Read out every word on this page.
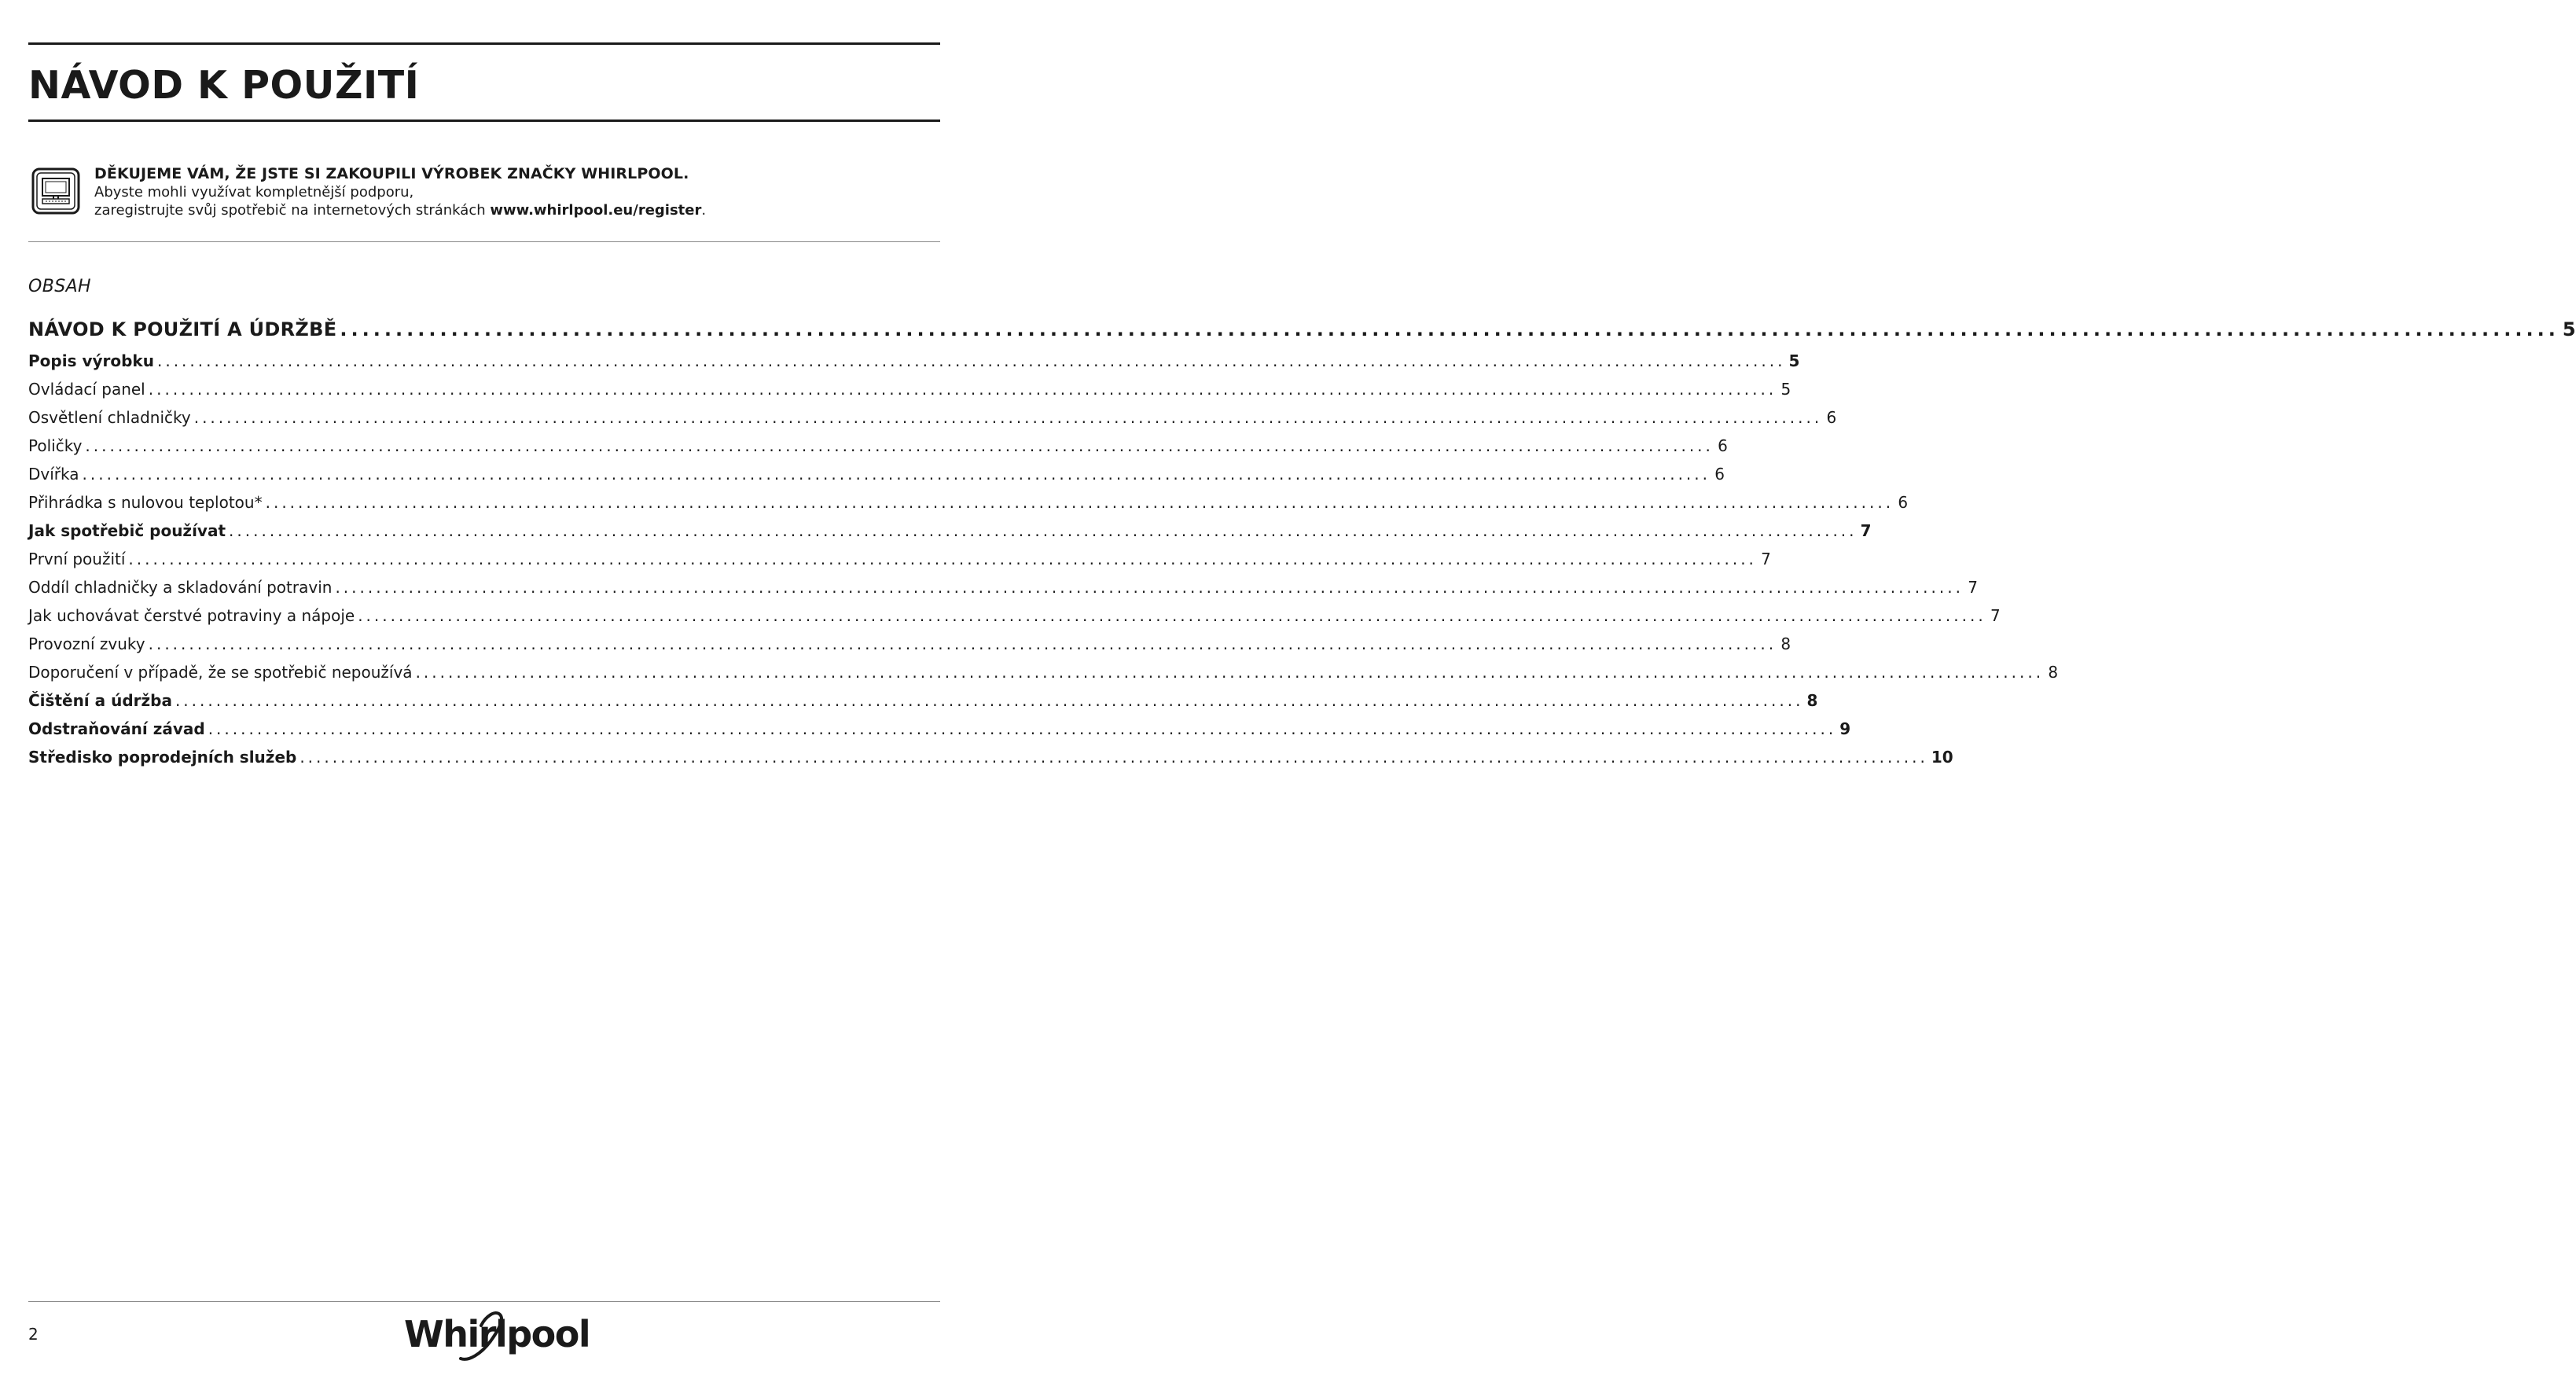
NÁVOD K POUŽITÍ
DĚKUJEME VÁM, ŽE JSTE SI ZAKOUPILI VÝROBEK ZNAČKY WHIRLPOOL.
Abyste mohli využívat kompletnější podporu,
zaregistrujte svůj spotřebič na internetových stránkách www.whirlpool.eu/register.
OBSAH
NÁVOD K POUŽITÍ A ÚDRŽBĚ ........................................................................................................................................................................................................ 5
Popis výrobku ........................................................................................................................................................................................................ 5
Ovládací panel ........................................................................................................................................................................................................ 5
Osvětlení chladničky ........................................................................................................................................................................................................ 6
Poličky ........................................................................................................................................................................................................ 6
Dvířka ........................................................................................................................................................................................................ 6
Přihrádka s nulovou teplotou* ........................................................................................................................................................................................................ 6
Jak spotřebič používat ........................................................................................................................................................................................................ 7
První použití ........................................................................................................................................................................................................ 7
Oddíl chladničky a skladování potravin ........................................................................................................................................................................................................ 7
Jak uchovávat čerstvé potraviny a nápoje ........................................................................................................................................................................................................ 7
Provozní zvuky ........................................................................................................................................................................................................ 8
Doporučení v případě, že se spotřebič nepoužívá ........................................................................................................................................................................................................ 8
Čištění a údržba ........................................................................................................................................................................................................ 8
Odstraňování závad ........................................................................................................................................................................................................ 9
Středisko poprodejních služeb ........................................................................................................................................................................................................ 10
2	Whirlpool
